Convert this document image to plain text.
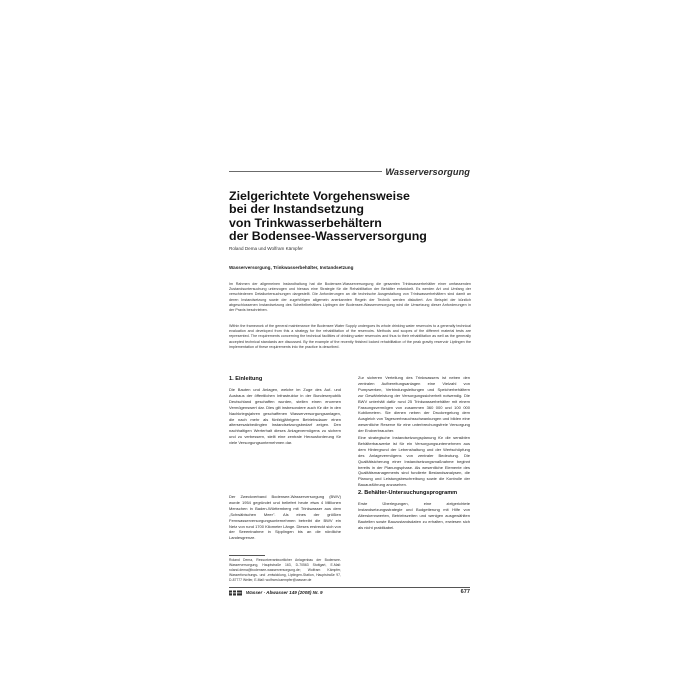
Wasserversorgung
Zielgerichtete Vorgehensweise
bei der Instandsetzung
von Trinkwasserbehältern
der Bodensee-Wasserversorgung
Roland Dema und Wolfram Kämpfer
Wasserversorgung, Trinkwasserbehälter, Instandsetzung

Im Rahmen der allgemeinen Instandhaltung hat die Bodensee-Wasserversorgung die gesamten Trinkwasserbehälter einer umfassenden Zustandsuntersuchung unterzogen und hieraus eine Strategie für die Rehabilitation der Behälter entwickelt. Es werden Art und Umfang der verschiedenen Detailuntersuchungen dargestellt. Die Anforderungen an die technische Ausgestaltung von Trinkwasserbehältern sind damit an deren Instandsetzung sowie der zugehörigen allgemein anerkannten Regeln der Technik werden diskutiert. Am Beispiel der kürzlich abgeschlossenen Instandsetzung des Scheitelbehälters Liptingen der Bodensee-Wasserversorgung wird die Umsetzung dieser Anforderungen in der Praxis beschrieben.

Within the framework of the general maintenance the Bodensee Water Supply undergoes its whole drinking water reservoirs to a generally technical evaluation and developed from this a strategy for the rehabilitation of the reservoirs. Methods and scopes of the different material tests are represented. The requirements concerning the technical facilities of drinking water reservoirs and thus to their rehabilitation as well as the generally accepted technical standards are discussed. By the example of the recently finished locked rehabilitation of the peak gravity reservoir Liptingen the implementation of these requirements into the practice is described.

1. Einleitung

Die Bauten und Anlagen, welche im Zuge des Auf- und Ausbaus der öffentlichen Infrastruktur in der Bundesrepublik Deutschland geschaffen wurden, stellen einen enormen Vermögenswert dar. Dies gilt insbesondere auch für die in den Nachkriegsjahren geschaffenen Wasserversorgungsanlagen, die nach mehr als fünfzigjährigem Betriebsdauer einen altersersatzbedingten Instandsetzungsbedarf zeigen. Den nachhaltigen Werterhalt dieses Anlagevermögens zu sichern und zu verbessern, stellt eine zentrale Herausforderung für viele Versorgungsunternehmen dar.

Der Zweckverband Bodensee-Wasserversorgung (BWV) wurde 1954 gegründet und beliefert heute etwa 4 Millionen Menschen in Baden-Württemberg mit Trinkwasser aus dem „Schwäbischen Meer". Als eines der größten Fernwasserversorgungsunternehmen betreibt die BWV ein Netz von rund 1700 Kilometer Länge. Dieses erstreckt sich von der Seeentnahme in Sipplingen bis an die nördliche Landesgrenze.

Zur sicheren Verteilung des Trinkwassers ist neben den zentralen Aufbereitungsanlagen eine Vielzahl von Pumpwerken, Verbindungsleitungen und Speicherbehältern zur Gewährleistung der Versorgungssicherheit notwendig. Die BWV unterhält dafür rund 25 Trinkwasserbehälter mit einem Fassungsvermögen von zusammen 360 000 und 100 000 Kubikmetern. Sie dienen neben der Druckregelung dem Ausgleich von Tagesverbrauchsschwankungen und bilden eine wesentliche Reserve für eine unterbrechungsfreie Versorgung der Endverbraucher.

Eine strategische Instandsetzungsplanung für die sensiblen Behälterbauwerke ist für ein Versorgungsunternehmen aus dem Hintergrund der Lebenshaltung und der Wertschöpfung des Anlagevermögens von zentraler Bedeutung. Die Qualitätsicherung einer Instandsetzungsmaßnahme beginnt bereits in der Planungsphase. Als wesentliche Elemente des Qualitätsmanagements sind fundierte Bestandsanalysen, die Planung und Leistungsbeschreibung sowie die Kontrolle der Bauausführung anzusehen.

2. Behälter-Untersuchungsprogramm

Erste Überlegungen, eine zielgerichtete Instandsetzungsstrategie und Budgetierung mit Hilfe von Alterskennwerten, Betriebszeiten und wenigen ausgewählten Bauteilen sowie Bauzustandsdaten zu erhalten, erwiesen sich als nicht praktikabel.

Roland Dema, Ressortverantwortlicher Anlagenbau der Bodensee-Wasserversorgung, Hauptstraße 163, D-70563 Stuttgart, E-Mail: roland.dema@bodensee-wasserversorgung.de; Wolfram Kämpfer, Wasserforschungs- und -entwicklung, Liptingen-Station, Hauptstraße 97, D-87777 Weiler, E-Mail: wolfram.kaempfer@wasser.de

Wasser · Abwasser 149 (2008) Nr. 9	677
